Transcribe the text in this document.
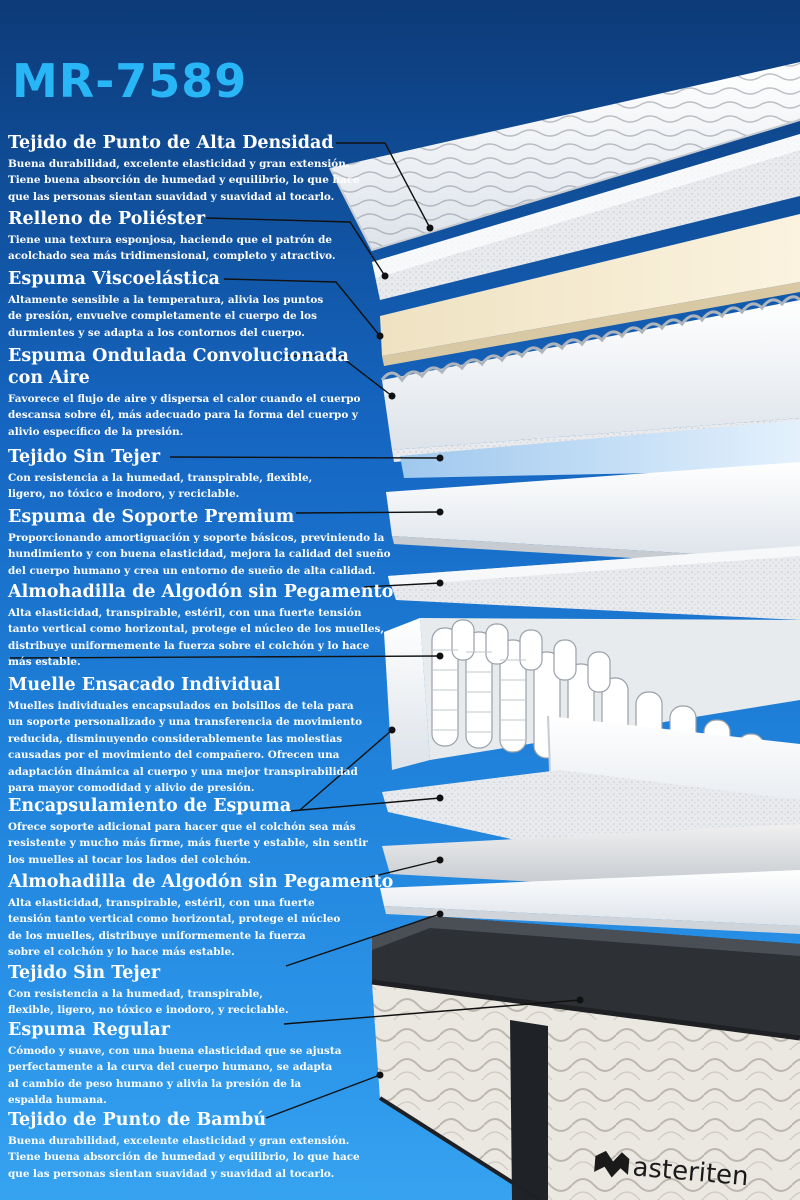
asteriten
MR-7589
Tejido de Punto de Alta Densidad

Buena durabilidad, excelente elasticidad y gran extensión.
Tiene buena absorción de humedad y equilibrio, lo que hace
que las personas sientan suavidad y suavidad al tocarlo.

Relleno de Poliéster

Tiene una textura esponjosa, haciendo que el patrón de
acolchado sea más tridimensional, completo y atractivo.

Espuma Viscoelástica

Altamente sensible a la temperatura, alivia los puntos
de presión, envuelve completamente el cuerpo de los
durmientes y se adapta a los contornos del cuerpo.

Espuma Ondulada Convolucionada con Aire

Favorece el flujo de aire y dispersa el calor cuando el cuerpo
descansa sobre él, más adecuado para la forma del cuerpo y
alivio específico de la presión.

Tejido Sin Tejer

Con resistencia a la humedad, transpirable, flexible,
ligero, no tóxico e inodoro, y reciclable.

Espuma de Soporte Premium

Proporcionando amortiguación y soporte básicos, previniendo la
hundimiento y con buena elasticidad, mejora la calidad del sueño
del cuerpo humano y crea un entorno de sueño de alta calidad.

Almohadilla de Algodón sin Pegamento

Alta elasticidad, transpirable, estéril, con una fuerte tensión
tanto vertical como horizontal, protege el núcleo de los muelles,
distribuye uniformemente la fuerza sobre el colchón y lo hace
más estable.

Muelle Ensacado Individual

Muelles individuales encapsulados en bolsillos de tela para
un soporte personalizado y una transferencia de movimiento
reducida, disminuyendo considerablemente las molestias
causadas por el movimiento del compañero. Ofrecen una
adaptación dinámica al cuerpo y una mejor transpirabilidad
para mayor comodidad y alivio de presión.

Encapsulamiento de Espuma

Ofrece soporte adicional para hacer que el colchón sea más
resistente y mucho más firme, más fuerte y estable, sin sentir
los muelles al tocar los lados del colchón.

Almohadilla de Algodón sin Pegamento

Alta elasticidad, transpirable, estéril, con una fuerte
tensión tanto vertical como horizontal, protege el núcleo
de los muelles, distribuye uniformemente la fuerza
sobre el colchón y lo hace más estable.

Tejido Sin Tejer

Con resistencia a la humedad, transpirable,
flexible, ligero, no tóxico e inodoro, y reciclable.

Espuma Regular

Cómodo y suave, con una buena elasticidad que se ajusta
perfectamente a la curva del cuerpo humano, se adapta
al cambio de peso humano y alivia la presión de la
espalda humana.

Tejido de Punto de Bambú

Buena durabilidad, excelente elasticidad y gran extensión.
Tiene buena absorción de humedad y equilibrio, lo que hace
que las personas sientan suavidad y suavidad al tocarlo.
